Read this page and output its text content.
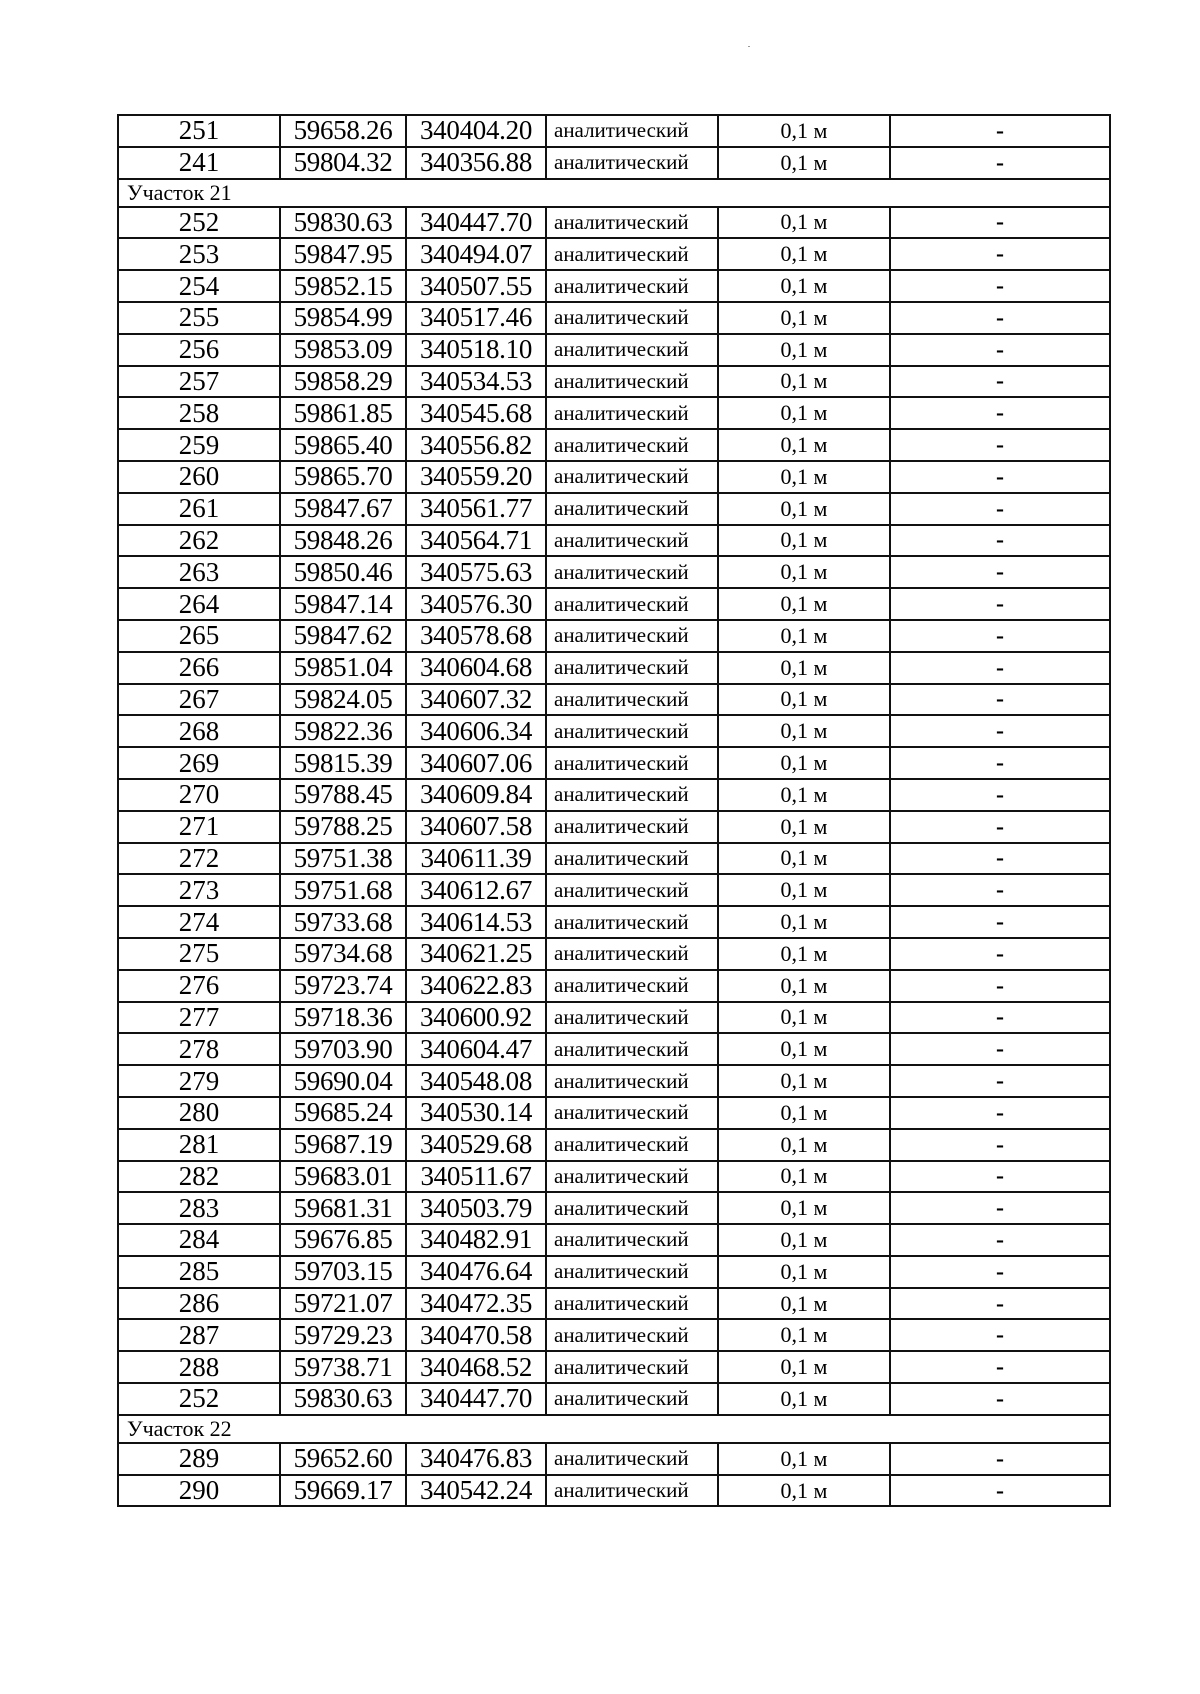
251	59658.26	340404.20	аналитический	0,1 м	-
241	59804.32	340356.88	аналитический	0,1 м	-
Участок 21					
252	59830.63	340447.70	аналитический	0,1 м	-
253	59847.95	340494.07	аналитический	0,1 м	-
254	59852.15	340507.55	аналитический	0,1 м	-
255	59854.99	340517.46	аналитический	0,1 м	-
256	59853.09	340518.10	аналитический	0,1 м	-
257	59858.29	340534.53	аналитический	0,1 м	-
258	59861.85	340545.68	аналитический	0,1 м	-
259	59865.40	340556.82	аналитический	0,1 м	-
260	59865.70	340559.20	аналитический	0,1 м	-
261	59847.67	340561.77	аналитический	0,1 м	-
262	59848.26	340564.71	аналитический	0,1 м	-
263	59850.46	340575.63	аналитический	0,1 м	-
264	59847.14	340576.30	аналитический	0,1 м	-
265	59847.62	340578.68	аналитический	0,1 м	-
266	59851.04	340604.68	аналитический	0,1 м	-
267	59824.05	340607.32	аналитический	0,1 м	-
268	59822.36	340606.34	аналитический	0,1 м	-
269	59815.39	340607.06	аналитический	0,1 м	-
270	59788.45	340609.84	аналитический	0,1 м	-
271	59788.25	340607.58	аналитический	0,1 м	-
272	59751.38	340611.39	аналитический	0,1 м	-
273	59751.68	340612.67	аналитический	0,1 м	-
274	59733.68	340614.53	аналитический	0,1 м	-
275	59734.68	340621.25	аналитический	0,1 м	-
276	59723.74	340622.83	аналитический	0,1 м	-
277	59718.36	340600.92	аналитический	0,1 м	-
278	59703.90	340604.47	аналитический	0,1 м	-
279	59690.04	340548.08	аналитический	0,1 м	-
280	59685.24	340530.14	аналитический	0,1 м	-
281	59687.19	340529.68	аналитический	0,1 м	-
282	59683.01	340511.67	аналитический	0,1 м	-
283	59681.31	340503.79	аналитический	0,1 м	-
284	59676.85	340482.91	аналитический	0,1 м	-
285	59703.15	340476.64	аналитический	0,1 м	-
286	59721.07	340472.35	аналитический	0,1 м	-
287	59729.23	340470.58	аналитический	0,1 м	-
288	59738.71	340468.52	аналитический	0,1 м	-
252	59830.63	340447.70	аналитический	0,1 м	-
Участок 22					
289	59652.60	340476.83	аналитический	0,1 м	-
290	59669.17	340542.24	аналитический	0,1 м	-
